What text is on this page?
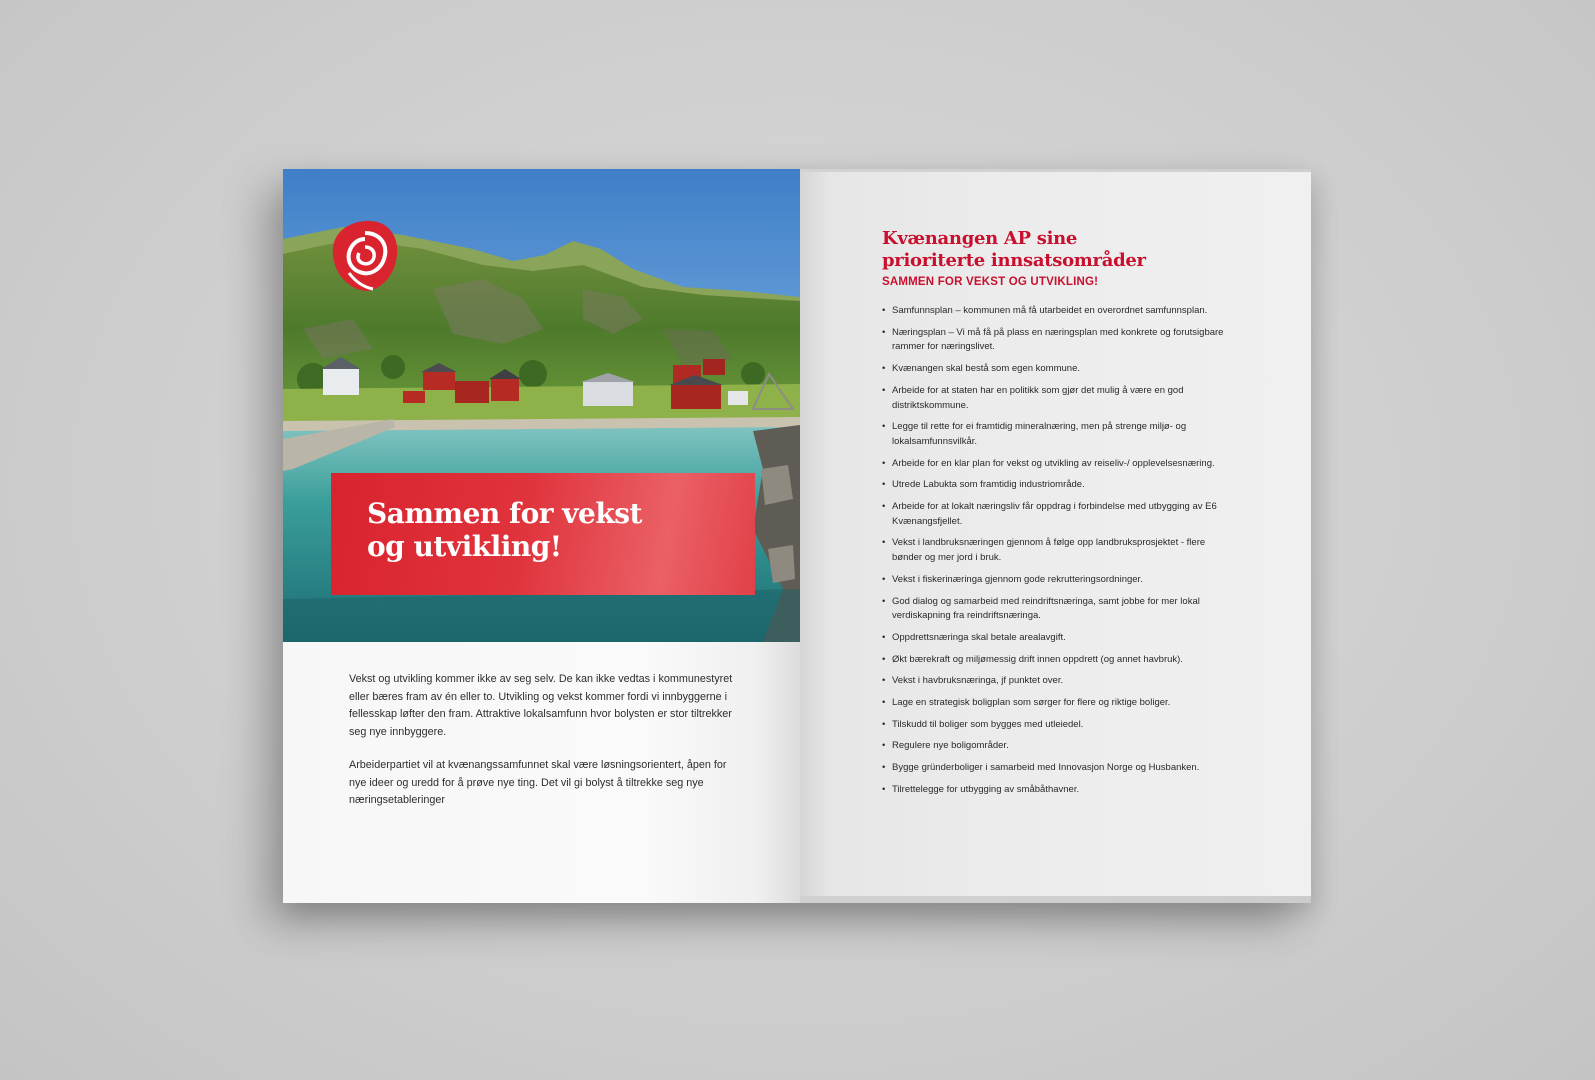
Sammen for vekst
og utvikling!

Vekst og utvikling kommer ikke av seg selv. De kan ikke vedtas i kommunestyret eller bæres fram av én eller to. Utvikling og vekst kommer fordi vi innbyggerne i fellesskap løfter den fram. Attraktive lokalsamfunn hvor bolysten er stor tiltrekker seg nye innbyggere.

Arbeiderpartiet vil at kvænangssamfunnet skal være løsningsorientert, åpen for nye ideer og uredd for å prøve nye ting. Det vil gi bolyst å tiltrekke seg nye næringsetableringer

Kvænangen AP sine
prioriterte innsatsområder
SAMMEN FOR VEKST OG UTVIKLING!
• Samfunnsplan – kommunen må få utarbeidet en overordnet samfunnsplan.
• Næringsplan – Vi må få på plass en næringsplan med konkrete og forutsigbare rammer for næringslivet.
• Kvænangen skal bestå som egen kommune.
• Arbeide for at staten har en politikk som gjør det mulig å være en god distriktskommune.
• Legge til rette for ei framtidig mineralnæring, men på strenge miljø- og lokalsamfunnsvilkår.
• Arbeide for en klar plan for vekst og utvikling av reiseliv-/ opplevelsesnæring.
• Utrede Labukta som framtidig industriområde.
• Arbeide for at lokalt næringsliv får oppdrag i forbindelse med utbygging av E6 Kvænangsfjellet.
• Vekst i landbruksnæringen gjennom å følge opp landbruksprosjektet - flere bønder og mer jord i bruk.
• Vekst i fiskerinæringa gjennom gode rekrutteringsordninger.
• God dialog og samarbeid med reindriftsnæringa, samt jobbe for mer lokal verdiskapning fra reindriftsnæringa.
• Oppdrettsnæringa skal betale arealavgift.
• Økt bærekraft og miljømessig drift innen oppdrett (og annet havbruk).
• Vekst i havbruksnæringa, jf punktet over.
• Lage en strategisk boligplan som sørger for flere og riktige boliger.
• Tilskudd til boliger som bygges med utleiedel.
• Regulere nye boligområder.
• Bygge gründerboliger i samarbeid med Innovasjon Norge og Husbanken.
• Tilrettelegge for utbygging av småbåthavner.
